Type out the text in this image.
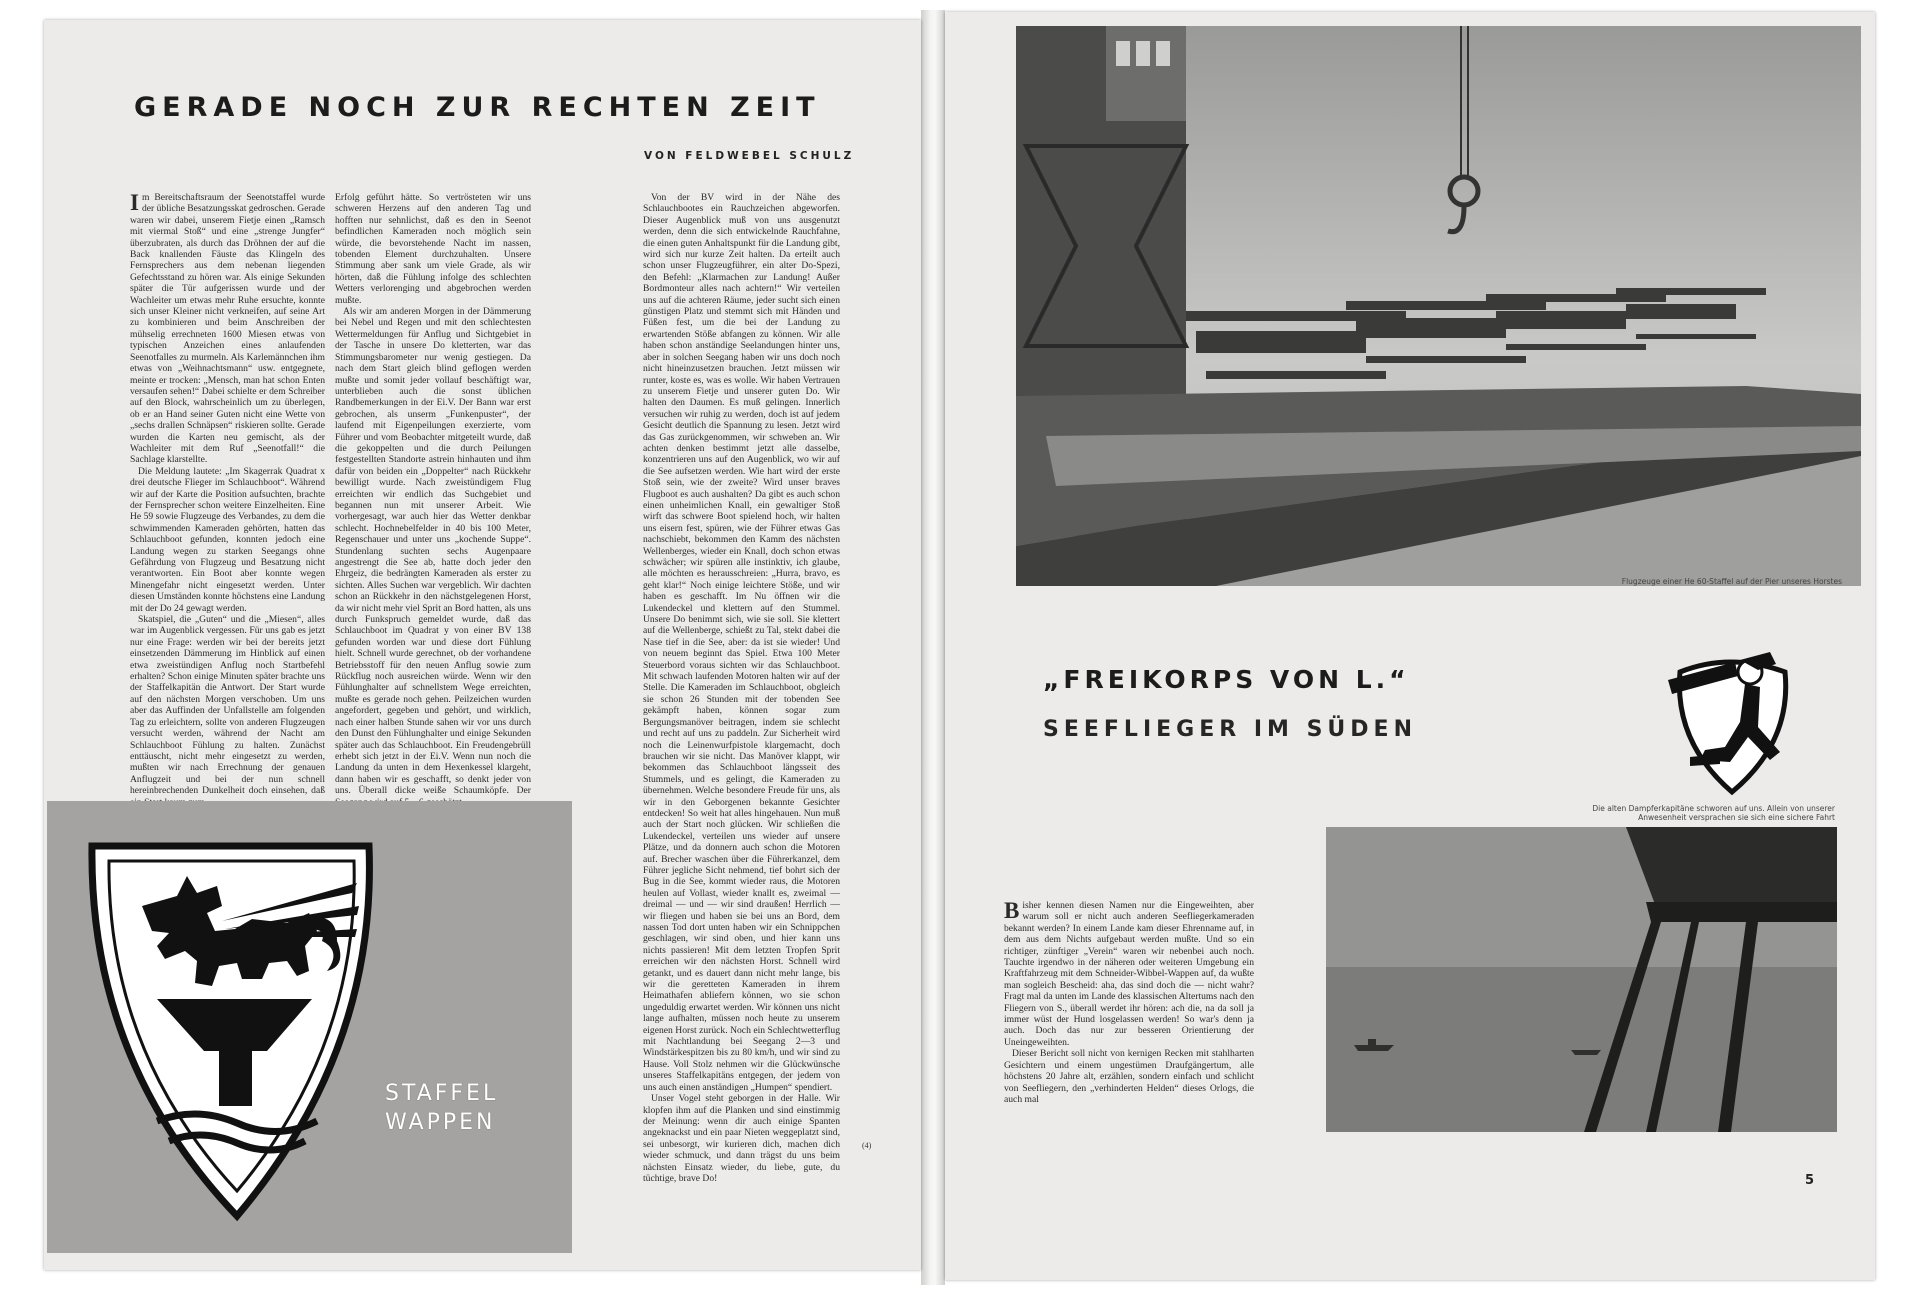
GERADE NOCH ZUR RECHTEN ZEIT
VON FELDWEBEL SCHULZ

Im Bereitschaftsraum der Seenotstaffel wurde der übliche Besatzungsskat gedroschen. Gerade waren wir dabei, unserem Fietje einen „Ramsch mit viermal Stoß“ und eine „strenge Jungfer“ überzubraten, als durch das Dröhnen der auf die Back knallenden Fäuste das Klingeln des Fernsprechers aus dem nebenan liegenden Gefechtsstand zu hören war. Als einige Sekunden später die Tür aufgerissen wurde und der Wachleiter um etwas mehr Ruhe ersuchte, konnte sich unser Kleiner nicht verkneifen, auf seine Art zu kombinieren und beim Anschreiben der mühselig errechneten 1600 Miesen etwas von typischen Anzeichen eines anlaufenden Seenotfalles zu murmeln. Als Karlemännchen ihm etwas von „Weihnachtsmann“ usw. entgegnete, meinte er trocken: „Mensch, man hat schon Enten versaufen sehen!“ Dabei schielte er dem Schreiber auf den Block, wahrscheinlich um zu überlegen, ob er an Hand seiner Guten nicht eine Wette von „sechs drallen Schnäpsen“ riskieren sollte. Gerade wurden die Karten neu gemischt, als der Wachleiter mit dem Ruf „Seenotfall!“ die Sachlage klarstellte.

Die Meldung lautete: „Im Skagerrak Quadrat x drei deutsche Flieger im Schlauchboot“. Während wir auf der Karte die Position aufsuchten, brachte der Fernsprecher schon weitere Einzelheiten. Eine He 59 sowie Flugzeuge des Verbandes, zu dem die schwimmenden Kameraden gehörten, hatten das Schlauchboot gefunden, konnten jedoch eine Landung wegen zu starken Seegangs ohne Gefährdung von Flugzeug und Besatzung nicht verantworten. Ein Boot aber konnte wegen Minengefahr nicht eingesetzt werden. Unter diesen Umständen konnte höchstens eine Landung mit der Do 24 gewagt werden.

Skatspiel, die „Guten“ und die „Miesen“, alles war im Augenblick vergessen. Für uns gab es jetzt nur eine Frage: werden wir bei der bereits jetzt einsetzenden Dämmerung im Hinblick auf einen etwa zweistündigen Anflug noch Startbefehl erhalten? Schon einige Minuten später brachte uns der Staffelkapitän die Antwort. Der Start wurde auf den nächsten Morgen verschoben. Um uns aber das Auffinden der Unfallstelle am folgenden Tag zu erleichtern, sollte von anderen Flugzeugen versucht werden, während der Nacht am Schlauchboot Fühlung zu halten. Zunächst enttäuscht, nicht mehr eingesetzt zu werden, mußten wir nach Errechnung der genauen Anflugzeit und bei der nun schnell hereinbrechenden Dunkelheit doch einsehen, daß

Erfolg geführt hätte. So vertrösteten wir uns schweren Herzens auf den anderen Tag und hofften nur sehnlichst, daß es den in Seenot befindlichen Kameraden noch möglich sein würde, die bevorstehende Nacht im nassen, tobenden Element durchzuhalten. Unsere Stimmung aber sank um viele Grade, als wir hörten, daß die Fühlung infolge des schlechten Wetters verlorenging und abgebrochen werden mußte.

Als wir am anderen Morgen in der Dämmerung bei Nebel und Regen und mit den schlechtesten Wettermeldungen für Anflug und Sichtgebiet in der Tasche in unsere Do kletterten, war das Stimmungsbarometer nur wenig gestiegen. Da nach dem Start gleich blind geflogen werden mußte und somit jeder vollauf beschäftigt war, unterblieben auch die sonst üblichen Randbemerkungen in der Ei.V. Der Bann war erst gebrochen, als unserm „Funkenpuster“, der laufend mit Eigenpeilungen exerzierte, vom Führer und vom Beobachter mitgeteilt wurde, daß die gekoppelten und die durch Peilungen festgestellten Standorte astrein hinhauten und ihm dafür von beiden ein „Doppelter“ nach Rückkehr bewilligt wurde. Nach zweistündigem Flug erreichten wir endlich das Suchgebiet und begannen nun mit unserer Arbeit. Wie vorhergesagt, war auch hier das Wetter denkbar schlecht. Hochnebelfelder in 40 bis 100 Meter, Regenschauer und unter uns „kochende Suppe“. Stundenlang suchten sechs Augenpaare angestrengt die See ab, hatte doch jeder den Ehrgeiz, die bedrängten Kameraden als erster zu sichten. Alles Suchen war vergeblich. Wir dachten schon an Rückkehr in den nächstgelegenen Horst, da wir nicht mehr viel Sprit an Bord hatten, als uns durch Funkspruch gemeldet wurde, daß das Schlauchboot im Quadrat y von einer BV 138 gefunden worden war und diese dort Fühlung hielt. Schnell wurde gerechnet, ob der vorhandene Betriebsstoff für den neuen Anflug sowie zum Rückflug noch ausreichen würde. Wenn wir den Fühlunghalter auf schnellstem Wege erreichten, mußte es gerade noch gehen. Peilzeichen wurden angefordert, gegeben und gehört, und wirklich, nach einer halben Stunde sahen wir vor uns durch den Dunst den Fühlunghalter und einige Sekunden später auch das Schlauchboot. Ein Freudengebrüll erhebt sich jetzt in der Ei.V. Wenn nun noch die Landung da unten in dem Hexenkessel klargeht, dann haben wir es geschafft, so denkt jeder von uns. Überall dicke weiße Schaumköpfe. Der

Von der BV wird in der Nähe des Schlauchbootes ein Rauchzeichen abgeworfen. Dieser Augenblick muß von uns ausgenutzt werden, denn die sich entwickelnde Rauchfahne, die einen guten Anhaltspunkt für die Landung gibt, wird sich nur kurze Zeit halten. Da erteilt auch schon unser Flugzeugführer, ein alter Do-Spezi, den Befehl: „Klarmachen zur Landung! Außer Bordmonteur alles nach achtern!“ Wir verteilen uns auf die achteren Räume, jeder sucht sich einen günstigen Platz und stemmt sich mit Händen und Füßen fest, um die bei der Landung zu erwartenden Stöße abfangen zu können. Wir alle haben schon anständige Seelandungen hinter uns, aber in solchen Seegang haben wir uns doch noch nicht hineinzusetzen brauchen. Jetzt müssen wir runter, koste es, was es wolle. Wir haben Vertrauen zu unserem Fietje und unserer guten Do. Wir halten den Daumen. Es muß gelingen. Innerlich versuchen wir ruhig zu werden, doch ist auf jedem Gesicht deutlich die Spannung zu lesen. Jetzt wird das Gas zurückgenommen, wir schweben an. Wir achten denken bestimmt jetzt alle dasselbe, konzentrieren uns auf den Augenblick, wo wir auf die See aufsetzen werden. Wie hart wird der erste Stoß sein, wie der zweite? Wird unser braves Flugboot es auch aushalten? Da gibt es auch schon einen unheimlichen Knall, ein gewaltiger Stoß wirft das schwere Boot spielend hoch, wir halten uns eisern fest, spüren, wie der Führer etwas Gas nachschiebt, bekommen den Kamm des nächsten Wellenberges, wieder ein Knall, doch schon etwas schwächer; wir spüren alle instinktiv, ich glaube, alle möchten es herausschreien: „Hurra, bravo, es geht klar!“ Noch einige leichtere Stöße, und wir haben es geschafft. Im Nu öffnen wir die Lukendeckel und klettern auf den Stummel. Unsere Do benimmt sich, wie sie soll. Sie klettert auf die Wellenberge, schießt zu Tal, stekt dabei die Nase tief in die See, aber: da ist sie wieder! Und von neuem beginnt das Spiel. Etwa 100 Meter Steuerbord voraus sichten wir das Schlauchboot. Mit schwach laufenden Motoren halten wir auf der Stelle. Die Kameraden im Schlauchboot, obgleich sie schon 26 Stunden mit der tobenden See gekämpft haben, können sogar zum Bergungsmanöver beitragen, indem sie schlecht und recht auf uns zu paddeln. Zur Sicherheit wird noch die Leinenwurfpistole klargemacht, doch brauchen wir sie nicht. Das Manöver klappt, wir bekommen das Schlauchboot längsseit des Stummels, und es gelingt, die Kameraden zu übernehmen. Welche besondere Freude für uns, als wir in den Geborgenen bekannte Gesichter entdecken! So weit hat alles hingehauen. Nun muß auch der Start noch glücken. Wir schließen die Lukendeckel, verteilen uns wieder auf unsere Plätze, und da donnern auch schon die Motoren auf. Brecher waschen über die Führerkanzel, dem Führer jegliche Sicht nehmend, tief bohrt sich der Bug in die See, kommt wieder raus, die Motoren heulen auf Vollast, wieder knallt es, zweimal — dreimal — und — wir sind draußen! Herrlich — wir fliegen und haben sie bei uns an Bord, dem nassen Tod dort unten haben wir ein Schnippchen geschlagen, wir sind oben, und hier kann uns nichts passieren! Mit dem letzten Tropfen Sprit erreichen wir den nächsten Horst. Schnell wird getankt, und es dauert dann nicht mehr lange, bis wir die geretteten Kameraden in ihrem Heimathafen abliefern können, wo sie schon ungeduldig erwartet werden. Wir können uns nicht lange aufhalten, müssen noch heute zu unserem eigenen Horst zurück. Noch ein Schlechtwetterflug mit Nachtlandung bei Seegang 2—3 und Windstärkespitzen bis zu 80 km/h, und wir sind zu Hause. Voll Stolz nehmen wir die Glückwünsche unseres Staffelkapitäns entgegen, der jedem von uns auch einen anständigen „Humpen“ spendiert.

Unser Vogel steht geborgen in der Halle. Wir klopfen ihm auf die Planken und sind einstimmig der Meinung: wenn dir auch einige Spanten angeknackst und ein paar Nieten weggeplatzt sind, sei unbesorgt, wir kurieren dich, machen dich wieder schmuck, und dann trägst du uns beim nächsten Einsatz wieder, du liebe, gute, du tüchtige, brave Do!

STAFFEL
WAPPEN
(4)
Flugzeuge einer He 60-Staffel auf der Pier unseres Horstes
„FREIKORPS VON L.“
SEEFLIEGER IM SÜDEN
Die alten Dampferkapitäne schworen auf uns. Allein von unserer Anwesenheit versprachen sie sich eine sichere Fahrt

Bisher kennen diesen Namen nur die Eingeweihten, aber warum soll er nicht auch anderen Seefliegerkameraden bekannt werden? In einem Lande kam dieser Ehrenname auf, in dem aus dem Nichts aufgebaut werden mußte. Und so ein richtiger, zünftiger „Verein“ waren wir nebenbei auch noch. Tauchte irgendwo in der näheren oder weiteren Umgebung ein Kraftfahrzeug mit dem Schneider-Wibbel-Wappen auf, da wußte man sogleich Bescheid: aha, das sind doch die — nicht wahr? Fragt mal da unten im Lande des klassischen Altertums nach den Fliegern von S., überall werdet ihr hören: ach die, na da soll ja immer wüst der Hund losgelassen werden! So war's denn ja auch. Doch das nur zur besseren Orientierung der Uneingeweihten.

Dieser Bericht soll nicht von kernigen Recken mit stahlharten Gesichtern und einem ungestümen Draufgängertum, alle höchstens 20 Jahre alt, erzählen, sondern einfach und schlicht von Seefliegern, den „verhinderten Helden“ dieses Orlogs, die auch mal

5
